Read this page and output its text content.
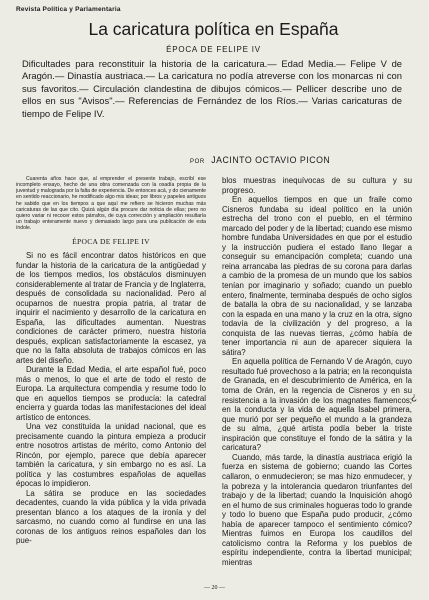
Revista Política y Parlamentaria
La caricatura política en España
ÉPOCA DE FELIPE IV
Dificultades para reconstituir la historia de la caricatura.— Edad Media.— Felipe V de Aragón.— Dinastía austriaca.— La caricatura no podía atreverse con los monarcas ni con sus favoritos.— Circulación clandestina de dibujos cómicos.— Pellicer describe uno de ellos en sus "Avisos".— Referencias de Fernández de los Ríos.— Varias caricaturas de tiempo de Felipe IV.
POR JACINTO OCTAVIO PICON

Cuarenta años hace que, al emprender el presente trabajo, escribí ese incompleto ensayo, hecho de una obra comenzada con la osadía propia de la juventud y malograda por la falta de experiencia. De entonces acá, y do cienamente en sentido reaccionario, he modificado algo mis ideas; por libros y papeles antiguos he sabido que en los tiempos a que aquí me refiero se hicieron muchas más caricaturas de las que cito. Quizá algún día procure dar noticia de ellas; pero no quiero variar ni recocer estos párrafos, de cuya corrección y ampliación resultaría un trabajo enteramente nuevo y demasiado largo para una publicación de esta índole.

ÉPOCA DE FELIPE IV

Si no es fácil encontrar datos históricos en que fundar la historia de la caricatura de la antigüedad y de los tiempos medios, los obstáculos disminuyen considerablemente al tratar de Francia y de Inglaterra, después de consolidada su nacionalidad. Pero al ocuparnos de nuestra propia patria, al tratar de inquirir el nacimiento y desarrollo de la caricatura en España, las dificultades aumentan. Nuestras condiciones de carácter primero, nuestra historia después, explican satisfactoriamente la escasez, ya que no la falta absoluta de trabajos cómicos en las artes del diseño.

Durante la Edad Media, el arte español fué, poco más o menos, lo que el arte de todo el resto de Europa. La arquitectura compendia y resume todo lo que en aquellos tiempos se producía: la catedral encierra y guarda todas las manifestaciones del ideal artístico de entonces.

Una vez constituída la unidad nacional, que es precisamente cuando la pintura empieza a producir entre nosotros artistas de mérito, como Antonio del Rincón, por ejemplo, parece que debía aparecer también la caricatura, y sin embargo no es así. La política y las costumbres españolas de aquellas épocas lo impidieron.

La sátira se produce en las sociedades decadentes, cuando la vida pública y la vida privada presentan blanco a los ataques de la ironía y del sarcasmo, no cuando como al fundirse en una las coronas de los antiguos reinos españoles dan los pue-

blos muestras inequívocas de su cultura y su progreso.

En aquellos tiempos en que un fraile como Cisneros fundaba su ideal político en la unión estrecha del trono con el pueblo, en el término marcado del poder y de la libertad; cuando ese mismo hombre fundaba Universidades en que por el estudio y la instrucción pudiera el estado llano llegar a conseguir su emancipación completa; cuando una reina arrancaba las piedras de su corona para darlas a cambio de la promesa de un mundo que los sabios tenían por imaginario y soñado; cuando un pueblo entero, finalmente, terminaba después de ocho siglos de batalla la obra de su nacionalidad, y se lanzaba con la espada en una mano y la cruz en la otra, signo todavía de la civilización y del progreso, a la conquista de las nuevas tierras, ¿cómo había de tener importancia ni aun de aparecer siquiera la sátira?

En aquella política de Fernando V de Aragón, cuyo resultado fué provechoso a la patria; en la reconquista de Granada, en el descubrimiento de América, en la toma de Orán, en la regencia de Cisneros y en su resistencia a la invasión de los magnates flamencos; en la conducta y la vida de aquella Isabel primera, que murió por ser pequeño el mundo a la grandeza de su alma, ¿qué artista podía beber la triste inspiración que constituye el fondo de la sátira y la caricatura?

Cuando, más tarde, la dinastía austriaca erigió la fuerza en sistema de gobierno; cuando las Cortes callaron, o enmudecieron; se mas hizo enmudecer, y la pobreza y la intolerancia quedaron triunfantes del trabajo y de la libertad; cuando la Inquisición ahogó en el humo de sus criminales hogueras todo lo grande y todo lo bueno que España pudo producir, ¿cómo había de aparecer tampoco el sentimiento cómico? Mientras fuimos en Europa los caudillos del catolicismo contra la Reforma y los pueblos de espíritu independiente, contra la libertad municipal; mientras

¿
— 20 —
